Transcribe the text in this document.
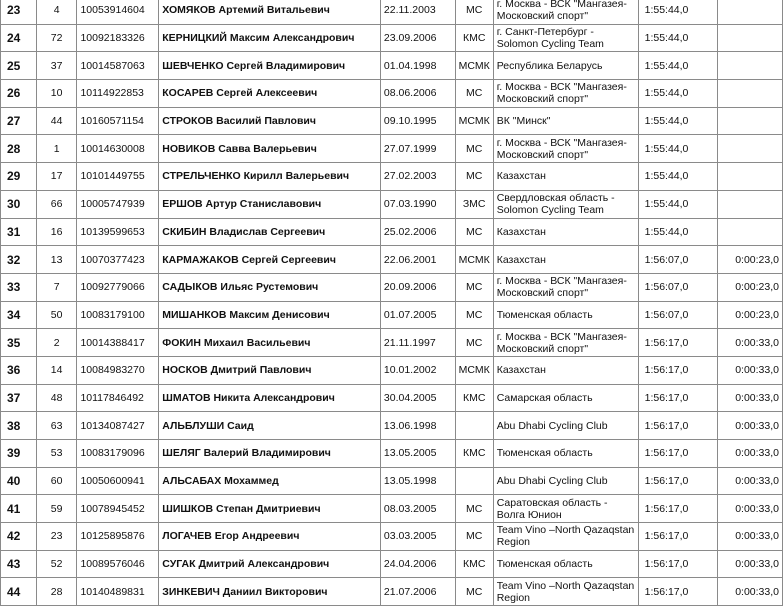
23	4	10053914604	ХОМЯКОВ Артемий Витальевич	22.11.2003	МС	г. Москва - ВСК "Мангазея-Московский спорт"	1:55:44,0	
24	72	10092183326	КЕРНИЦКИЙ Максим Александрович	23.09.2006	КМС	г. Санкт-Петербург - Solomon Cycling Team	1:55:44,0	
25	37	10014587063	ШЕВЧЕНКО Сергей Владимирович	01.04.1998	МСМК	Республика Беларусь	1:55:44,0	
26	10	10114922853	КОСАРЕВ Сергей Алексеевич	08.06.2006	МС	г. Москва - ВСК "Мангазея-Московский спорт"	1:55:44,0	
27	44	10160571154	СТРОКОВ Василий Павлович	09.10.1995	МСМК	ВК "Минск"	1:55:44,0	
28	1	10014630008	НОВИКОВ Савва Валерьевич	27.07.1999	МС	г. Москва - ВСК "Мангазея-Московский спорт"	1:55:44,0	
29	17	10101449755	СТРЕЛЬЧЕНКО Кирилл Валерьевич	27.02.2003	МС	Казахстан	1:55:44,0	
30	66	10005747939	ЕРШОВ Артур Станиславович	07.03.1990	ЗМС	Свердловская область - Solomon Cycling Team	1:55:44,0	
31	16	10139599653	СКИБИН Владислав Сергеевич	25.02.2006	МС	Казахстан	1:55:44,0	
32	13	10070377423	КАРМАЖАКОВ Сергей Сергеевич	22.06.2001	МСМК	Казахстан	1:56:07,0	0:00:23,0
33	7	10092779066	САДЫКОВ Ильяс Рустемович	20.09.2006	МС	г. Москва - ВСК "Мангазея-Московский спорт"	1:56:07,0	0:00:23,0
34	50	10083179100	МИШАНКОВ Максим Денисович	01.07.2005	МС	Тюменская область	1:56:07,0	0:00:23,0
35	2	10014388417	ФОКИН Михаил Васильевич	21.11.1997	МС	г. Москва - ВСК "Мангазея-Московский спорт"	1:56:17,0	0:00:33,0
36	14	10084983270	НОСКОВ Дмитрий Павлович	10.01.2002	МСМК	Казахстан	1:56:17,0	0:00:33,0
37	48	10117846492	ШМАТОВ Никита Александрович	30.04.2005	КМС	Самарская область	1:56:17,0	0:00:33,0
38	63	10134087427	АЛЬБЛУШИ Саид	13.06.1998		Abu Dhabi Cycling Club	1:56:17,0	0:00:33,0
39	53	10083179096	ШЕЛЯГ Валерий Владимирович	13.05.2005	КМС	Тюменская область	1:56:17,0	0:00:33,0
40	60	10050600941	АЛЬСАБАХ Мохаммед	13.05.1998		Abu Dhabi Cycling Club	1:56:17,0	0:00:33,0
41	59	10078945452	ШИШКОВ Степан Дмитриевич	08.03.2005	МС	Саратовская область - Волга Юнион	1:56:17,0	0:00:33,0
42	23	10125895876	ЛОГАЧЕВ Егор Андреевич	03.03.2005	МС	Team Vino –North Qazaqstan Region	1:56:17,0	0:00:33,0
43	52	10089576046	СУГАК Дмитрий Александрович	24.04.2006	КМС	Тюменская область	1:56:17,0	0:00:33,0
44	28	10140489831	ЗИНКЕВИЧ Даниил Викторович	21.07.2006	МС	Team Vino –North Qazaqstan Region	1:56:17,0	0:00:33,0
